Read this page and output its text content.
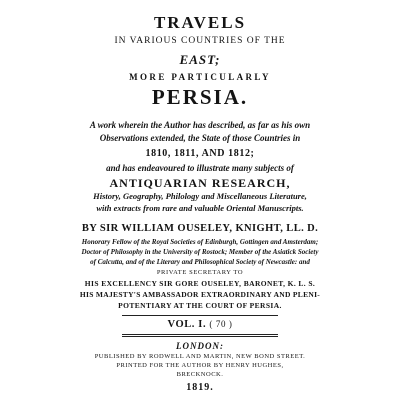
TRAVELS
IN VARIOUS COUNTRIES OF THE
EAST;
MORE PARTICULARLY
PERSIA.
A work wherein the Author has described, as far as his own
Observations extended, the State of those Countries in
1810, 1811, AND 1812;
and has endeavoured to illustrate many subjects of
ANTIQUARIAN RESEARCH,
History, Geography, Philology and Miscellaneous Literature,
with extracts from rare and valuable Oriental Manuscripts.
BY SIR WILLIAM OUSELEY, KNIGHT, LL. D.
Honorary Fellow of the Royal Societies of Edinburgh, Gottingen and Amsterdam;
Doctor of Philosophy in the University of Rostock; Member of the Asiatick Society
of Calcutta, and of the Literary and Philosophical Society of Newcastle: and
PRIVATE SECRETARY TO
HIS EXCELLENCY SIR GORE OUSELEY, BARONET, K. L. S.
HIS MAJESTY'S AMBASSADOR EXTRAORDINARY AND PLENI-
POTENTIARY AT THE COURT OF PERSIA.
VOL. I. ( 70 )
LONDON:
PUBLISHED BY RODWELL AND MARTIN, NEW BOND STREET.
PRINTED FOR THE AUTHOR BY HENRY HUGHES,
BRECKNOCK.
1819.
